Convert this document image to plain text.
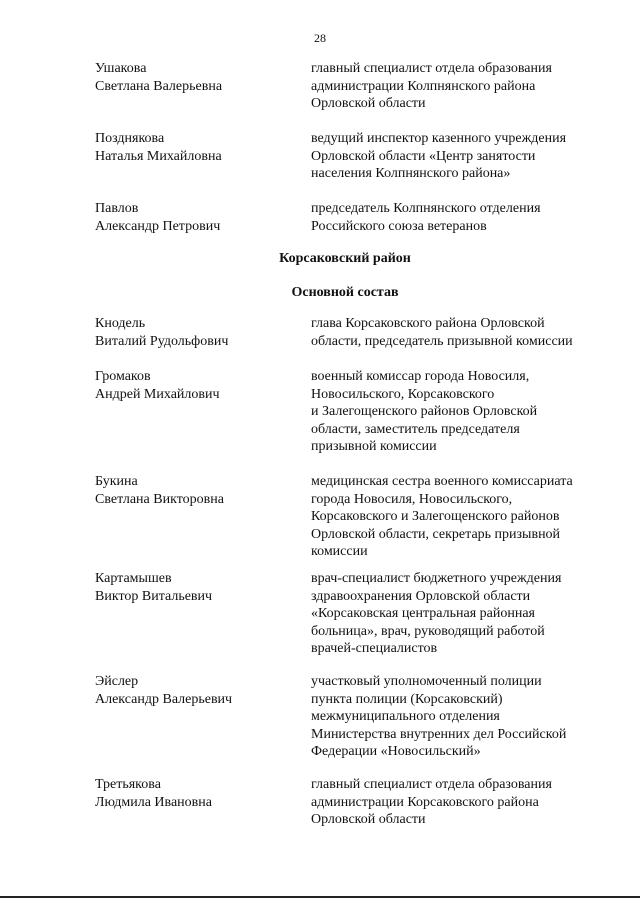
28
Ушакова
Светлана Валерьевна
главный специалист отдела образования
администрации Колпнянского района
Орловской области
Позднякова
Наталья Михайловна
ведущий инспектор казенного учреждения
Орловской области «Центр занятости
населения Колпнянского района»
Павлов
Александр Петрович
председатель Колпнянского отделения
Российского союза ветеранов
Корсаковский район
Основной состав
Кнодель
Виталий Рудольфович
глава Корсаковского района Орловской
области, председатель призывной комиссии
Громаков
Андрей Михайлович
военный комиссар города Новосиля,
Новосильского, Корсаковского
и Залегощенского районов Орловской
области, заместитель председателя
призывной комиссии
Букина
Светлана Викторовна
медицинская сестра военного комиссариата
города Новосиля, Новосильского,
Корсаковского и Залегощенского районов
Орловской области, секретарь призывной
комиссии
Картамышев
Виктор Витальевич
врач-специалист бюджетного учреждения
здравоохранения Орловской области
«Корсаковская центральная районная
больница», врач, руководящий работой
врачей-специалистов
Эйслер
Александр Валерьевич
участковый уполномоченный полиции
пункта полиции (Корсаковский)
межмуниципального отделения
Министерства внутренних дел Российской
Федерации «Новосильский»
Третьякова
Людмила Ивановна
главный специалист отдела образования
администрации Корсаковского района
Орловской области
